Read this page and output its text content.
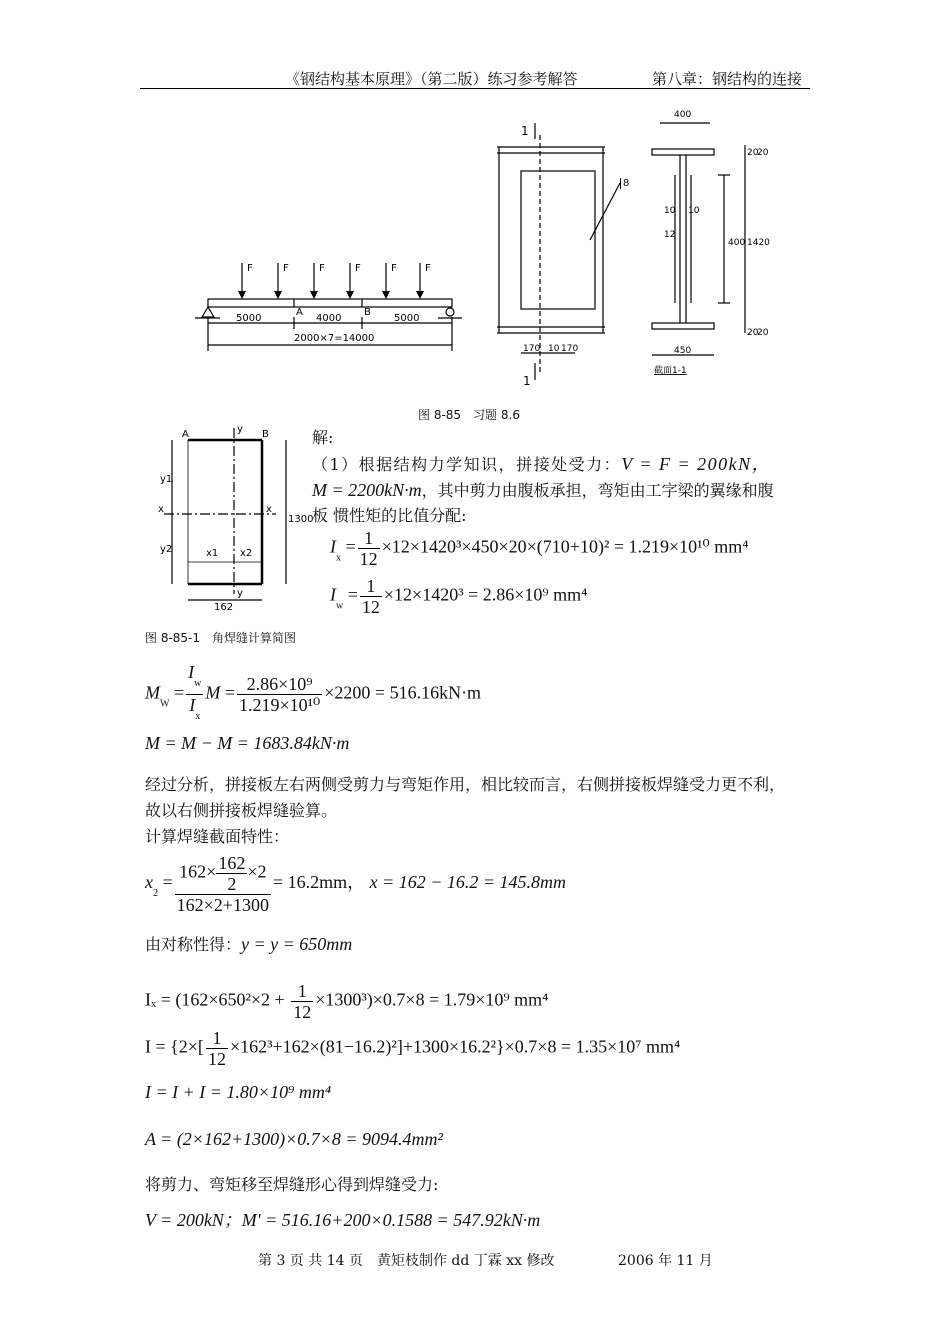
《钢结构基本原理》（第二版）练习参考解答	第八章：钢结构的连接
F	F	F	F	F	F
A	B
5000	4000	5000
2000×7=14000
1
1
170 10 170
8
400
20
20
10 10
12
400 1420
450
20
20
截面1-1
图 8-85　习题 8.6
A	B
y
y
x	x
y1
y2	x1 x2
1300
162
图 8-85-1　角焊缝计算简图
解:
（1）根据结构力学知识，拼接处受力：V = F = 200kN，
M = 2200kN·m，其中剪力由腹板承担，弯矩由工字梁的翼缘和腹
板 惯性矩的比值分配:
$I_x = \frac{1}{12} \times 12\times 1420^3\times 450\times 20\times(710+10)^2 = 1.219\times 10^{10}$ mm⁴
$I_w = \frac{1}{12} \times 12\times 1420^3 = 2.86\times 10^9$ mm⁴
$M_W = \frac{I_w}{I_x}$ $M = \frac{\text{2.86×10⁹}}{\text{1.219×10¹⁰}} \times 2200 = 516.16kN\cdot m$
M = M − M = 1683.84kN·m
经过分析，拼接板左右两侧受剪力与弯矩作用，相比较而言，右侧拼接板焊缝受力更不利，
故以右侧拼接板焊缝验算。
计算焊缝截面特性：
$x_2 = \frac{162\times \frac{162}{2} \times 2}{162\times 2+1300} = 16.2mm$， x = 162 − 16.2 = 145.8mm
由对称性得：y = y = 650mm
$I_x = (162\times 650^2\times 2 + \frac{1}{12} \times 1300^3)\times 0.7\times 8 = 1.79\times 10^9$ mm⁴
$I = \{2\times[ \frac{1}{12} \times 162^3+162\times(81-16.2)^2]+1300\times 16.2^2\}\times 0.7\times 8 = 1.35\times 10^7$ mm⁴
I = I + I = 1.80×10⁹ mm⁴
A = (2×162+1300)×0.7×8 = 9094.4mm²
将剪力、弯矩移至焊缝形心得到焊缝受力:
V = 200kN；M' = 516.16+200×0.1588 = 547.92kN·m
第 3 页 共 14 页　黄矩枝制作 dd 丁霖 xx 修改	2006 年 11 月
